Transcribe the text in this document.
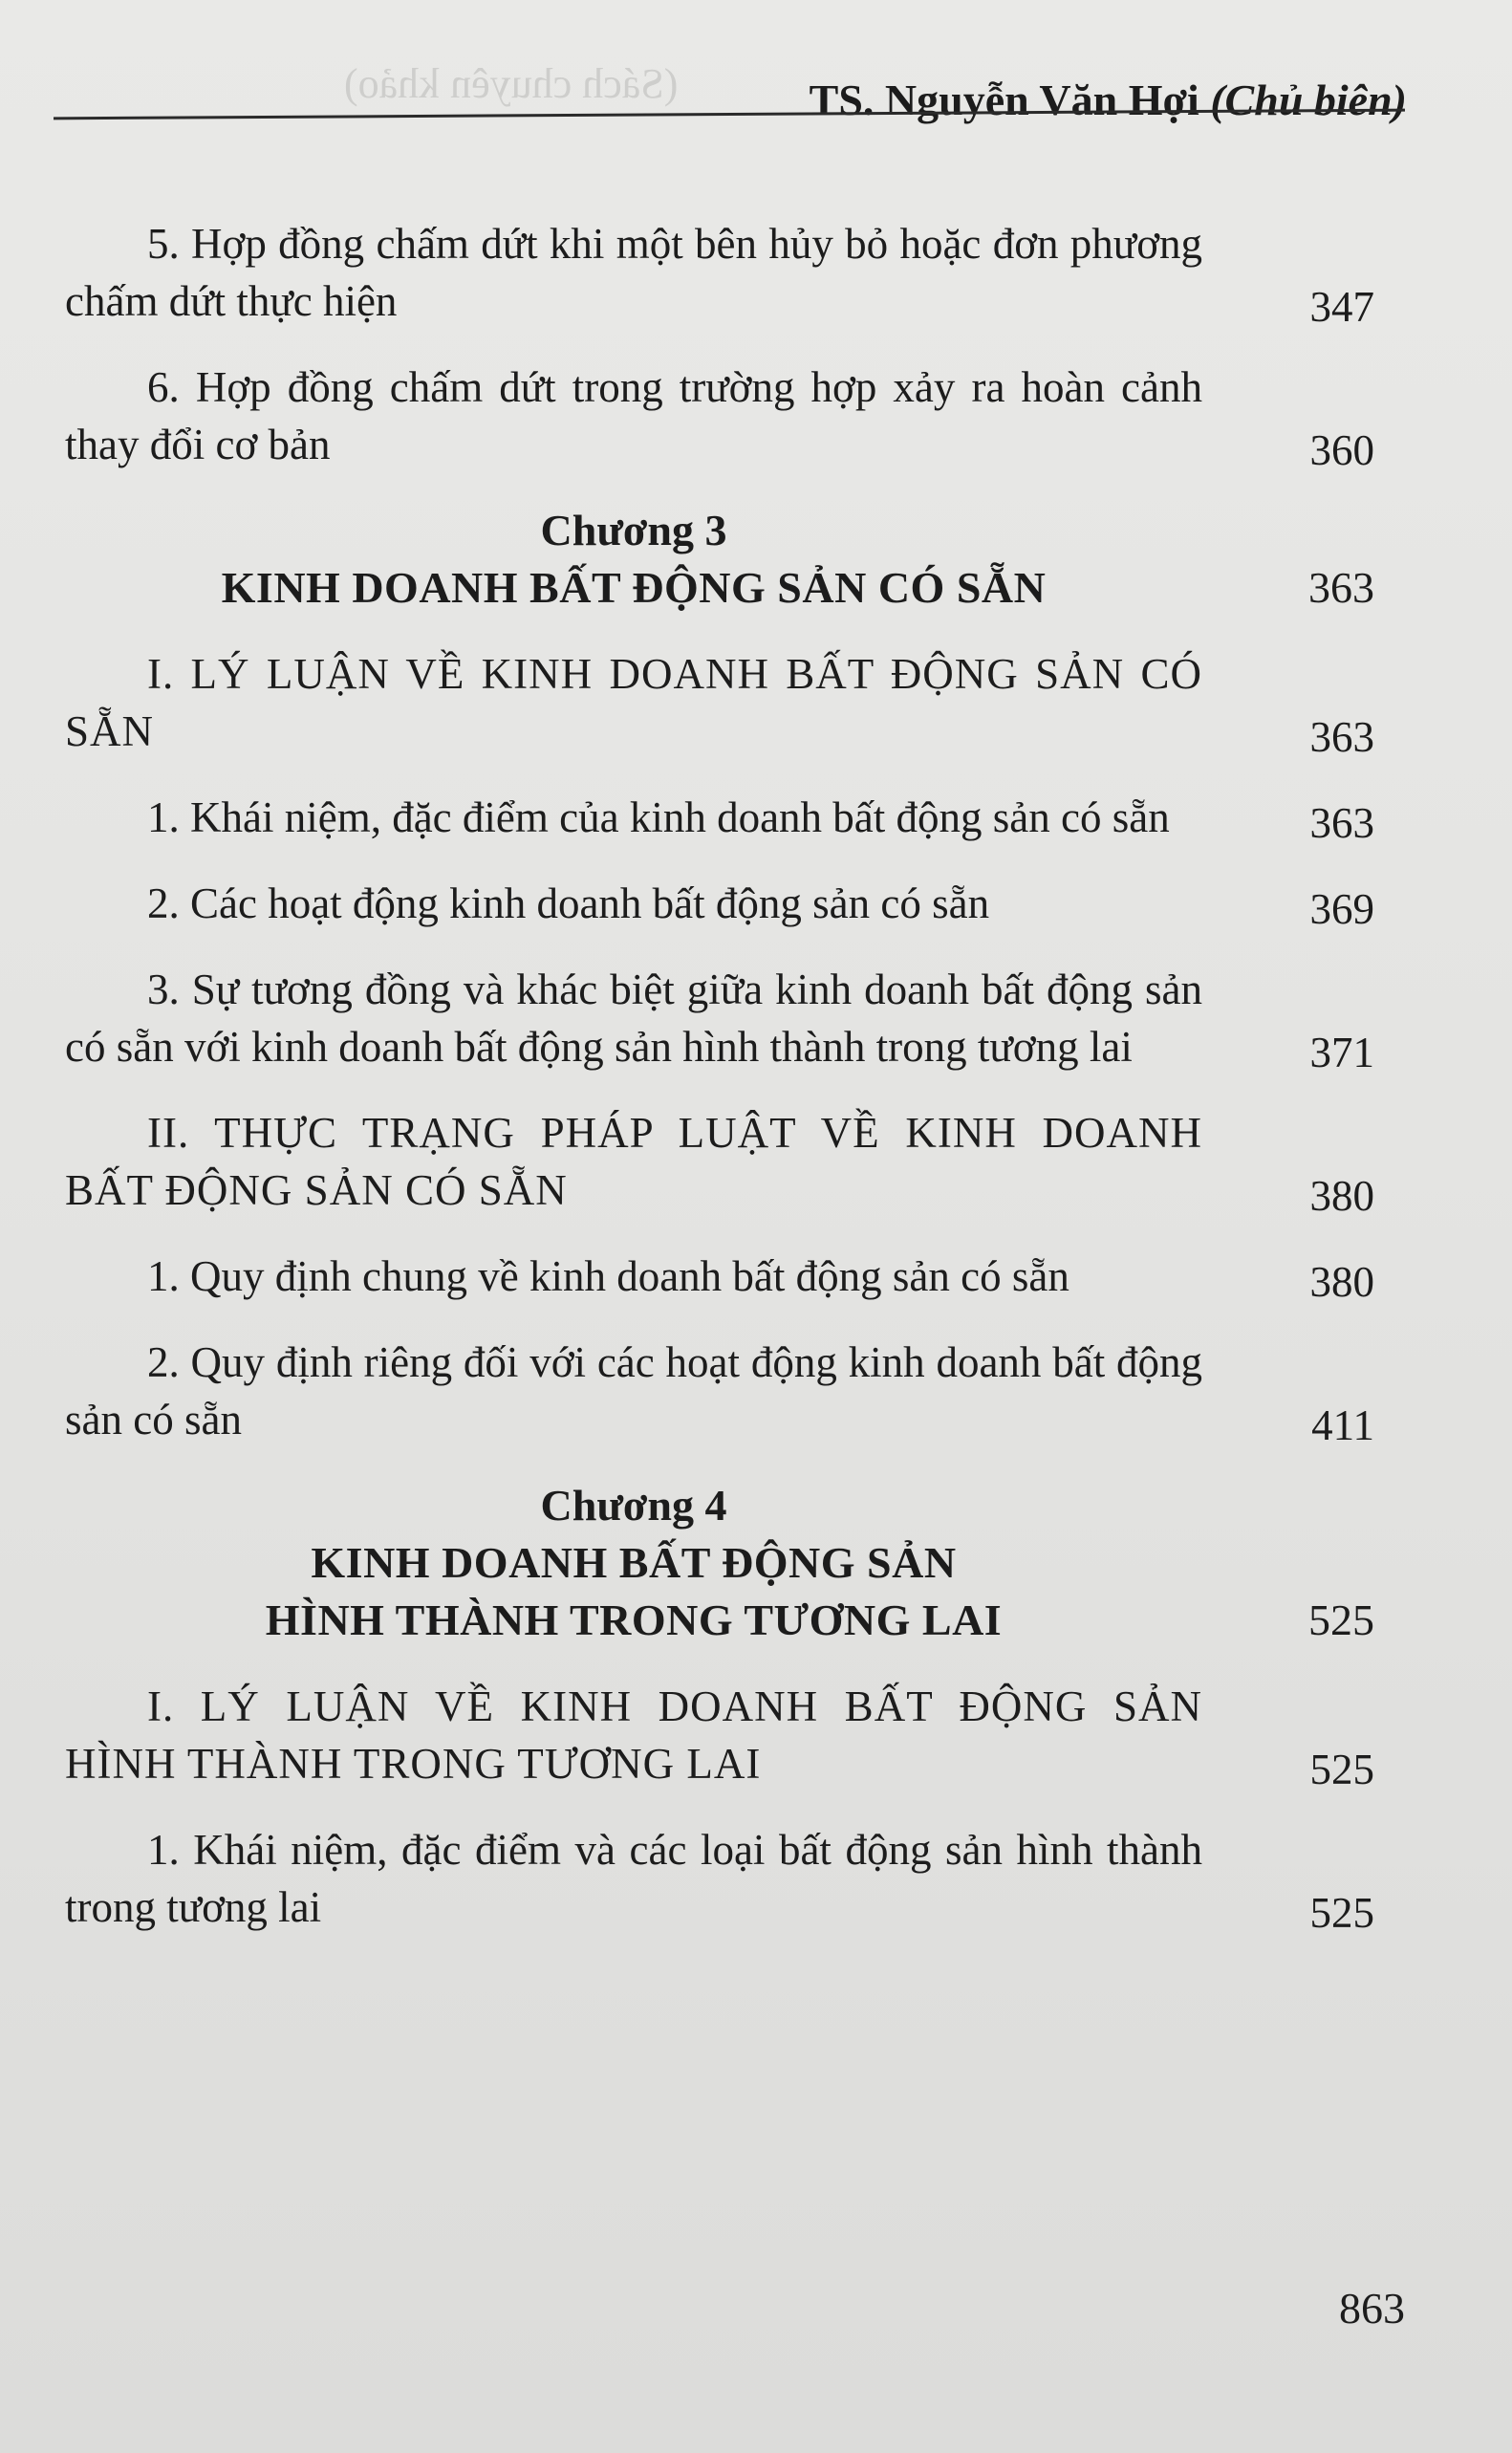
(Sách chuyên khảo)	TS. Nguyễn Văn Hợi (Chủ biên)
5. Hợp đồng chấm dứt khi một bên hủy bỏ hoặc đơn phương chấm dứt thực hiện	347
6. Hợp đồng chấm dứt trong trường hợp xảy ra hoàn cảnh thay đổi cơ bản	360
Chương 3
KINH DOANH BẤT ĐỘNG SẢN CÓ SẴN	363
I. LÝ LUẬN VỀ KINH DOANH BẤT ĐỘNG SẢN CÓ SẴN	363
1. Khái niệm, đặc điểm của kinh doanh bất động sản có sẵn	363
2. Các hoạt động kinh doanh bất động sản có sẵn	369
3. Sự tương đồng và khác biệt giữa kinh doanh bất động sản có sẵn với kinh doanh bất động sản hình thành trong tương lai	371
II. THỰC TRẠNG PHÁP LUẬT VỀ KINH DOANH BẤT ĐỘNG SẢN CÓ SẴN	380
1. Quy định chung về kinh doanh bất động sản có sẵn	380
2. Quy định riêng đối với các hoạt động kinh doanh bất động sản có sẵn	411
Chương 4
KINH DOANH BẤT ĐỘNG SẢN
HÌNH THÀNH TRONG TƯƠNG LAI	525
I. LÝ LUẬN VỀ KINH DOANH BẤT ĐỘNG SẢN HÌNH THÀNH TRONG TƯƠNG LAI	525
1. Khái niệm, đặc điểm và các loại bất động sản hình thành trong tương lai	525
863
